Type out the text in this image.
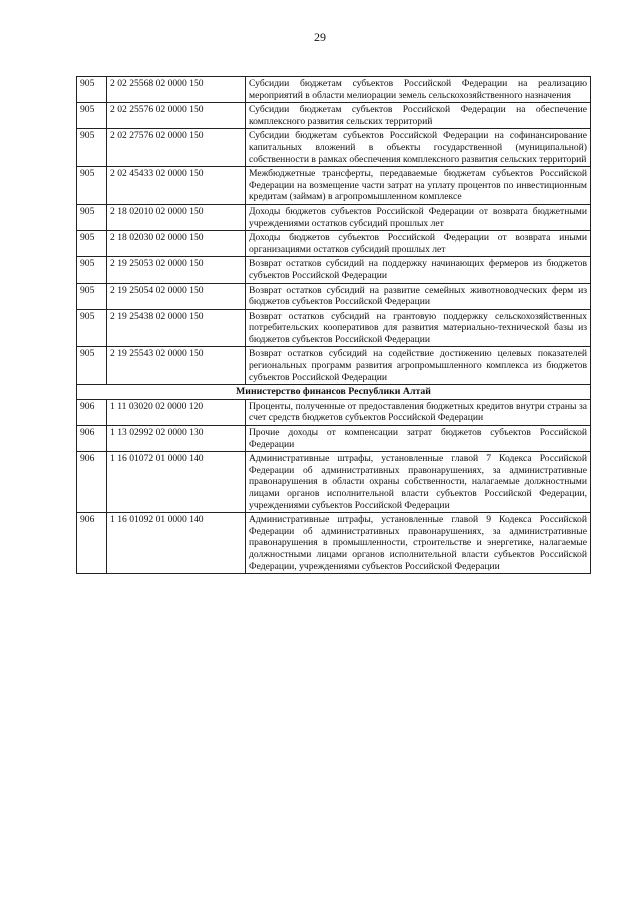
29
905	2 02 25568 02 0000 150	Субсидии бюджетам субъектов Российской Федерации на реализацию мероприятий в области мелиорации земель сельскохозяйственного назначения
905	2 02 25576 02 0000 150	Субсидии бюджетам субъектов Российской Федерации на обеспечение комплексного развития сельских территорий
905	2 02 27576 02 0000 150	Субсидии бюджетам субъектов Российской Федерации на софинансирование капитальных вложений в объекты государственной (муниципальной) собственности в рамках обеспечения комплексного развития сельских территорий
905	2 02 45433 02 0000 150	Межбюджетные трансферты, передаваемые бюджетам субъектов Российской Федерации на возмещение части затрат на уплату процентов по инвестиционным кредитам (займам) в агропромышленном комплексе
905	2 18 02010 02 0000 150	Доходы бюджетов субъектов Российской Федерации от возврата бюджетными учреждениями остатков субсидий прошлых лет
905	2 18 02030 02 0000 150	Доходы бюджетов субъектов Российской Федерации от возврата иными организациями остатков субсидий прошлых лет
905	2 19 25053 02 0000 150	Возврат остатков субсидий на поддержку начинающих фермеров из бюджетов субъектов Российской Федерации
905	2 19 25054 02 0000 150	Возврат остатков субсидий на развитие семейных животноводческих ферм из бюджетов субъектов Российской Федерации
905	2 19 25438 02 0000 150	Возврат остатков субсидий на грантовую поддержку сельскохозяйственных потребительских кооперативов для развития материально-технической базы из бюджетов субъектов Российской Федерации
905	2 19 25543 02 0000 150	Возврат остатков субсидий на содействие достижению целевых показателей региональных программ развития агропромышленного комплекса из бюджетов субъектов Российской Федерации
Министерство финансов Республики Алтай		
906	1 11 03020 02 0000 120	Проценты, полученные от предоставления бюджетных кредитов внутри страны за счет средств бюджетов субъектов Российской Федерации
906	1 13 02992 02 0000 130	Прочие доходы от компенсации затрат бюджетов субъектов Российской Федерации
906	1 16 01072 01 0000 140	Административные штрафы, установленные главой 7 Кодекса Российской Федерации об административных правонарушениях, за административные правонарушения в области охраны собственности, налагаемые должностными лицами органов исполнительной власти субъектов Российской Федерации, учреждениями субъектов Российской Федерации
906	1 16 01092 01 0000 140	Административные штрафы, установленные главой 9 Кодекса Российской Федерации об административных правонарушениях, за административные правонарушения в промышленности, строительстве и энергетике, налагаемые должностными лицами органов исполнительной власти субъектов Российской Федерации, учреждениями субъектов Российской Федерации
